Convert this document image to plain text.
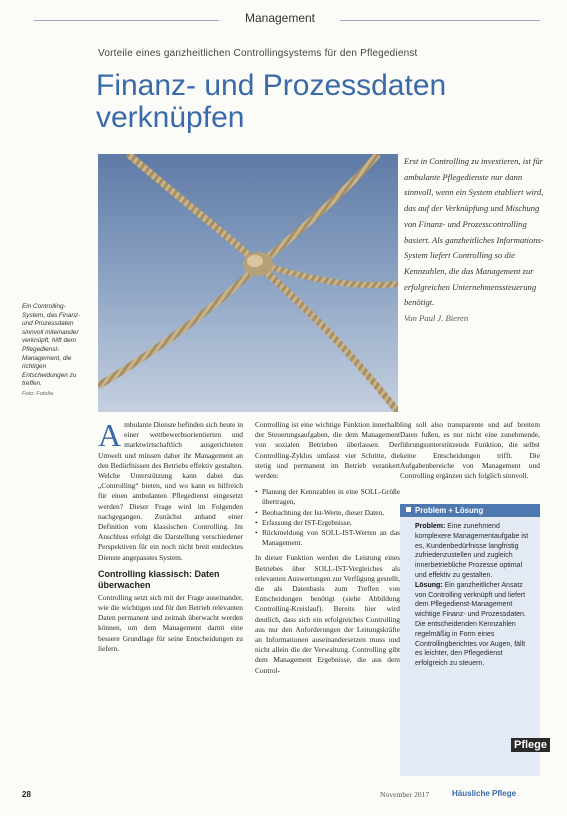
Management
Vorteile eines ganzheitlichen Controllingsystems für den Pflegedienst
Finanz- und Prozessdaten
verknüpfen
Erst in Controlling zu investieren, ist für ambulante Pflegedienste nur dann sinnvoll, wenn ein System etabliert wird, das auf der Verknüpfung und Mischung von Finanz- und Prozesscontrolling basiert. Als ganzheitliches Informations-System liefert Controlling so die Kennzahlen, die das Management zur erfolgreichen Unternehmenssteuerung benötigt.
Von Paul J. Bieren
Ein Controlling-System, das Finanz- und Prozessdaten sinnvoll miteinander verknüpft, hilft dem Pflegedienst-Management, die richtigen Entscheidungen zu treffen.
Foto: Fotolia

Ambulante Dienste befinden sich heute in einer wettbewerbsorientierten und marktwirtschaftlich ausgerichteten Umwelt und müssen daher ihr Management an den Bedürfnissen des Betriebs effektiv gestalten. Welche Unterstützung kann dabei das „Controlling“ bieten, und wo kann es hilfreich für einen ambulanten Pflegedienst eingesetzt werden? Dieser Frage wird im Folgenden nachgegangen. Zunächst anhand einer Definition vom klassischen Controlling. Im Anschluss erfolgt die Darstellung verschiedener Perspektiven für ein noch nicht breit entdecktes Dienste angepasstes System.

Controlling klassisch: Daten überwachen

Controlling setzt sich mit der Frage auseinander, wie die wichtigen und für den Betrieb relevanten Daten permanent und zeitnah überwacht werden können, um dem Management damit eine bessere Grundlage für seine Entscheidungen zu liefern.

Controlling ist eine wichtige Funktion innerhalb der Steuerungsaufgaben, die dem Management von sozialen Betrieben überlassen. Der Controlling-Zyklus umfasst vier Schritte, die stetig und permanent im Betrieb verankert werden:

• Planung der Kennzahlen in eine SOLL-Größe übertragen,
• Beobachtung der Ist-Werte, dieser Daten,
• Erfassung der IST-Ergebnisse,
• Rückmeldung von SOLL-IST-Werten an das Management.

In dieser Funktion werden die Leistung eines Betriebes über SOLL-IST-Vergleiches als relevanten Auswertungen zur Verfügung gestellt, die als Datenbasis zum Treffen von Entscheidungen benötigt (siehe Abbildung Controlling-Kreislauf). Bereits hier wird deutlich, dass sich ein erfolgreiches Controlling aus nur den Anforderungen der Leitungskräfte an Informationen auseinandersetzen muss und nicht allein die der Verwaltung. Controlling gibt dem Management Ergebnisse, die aus dem Control-

ling soll also transparente und auf breitem Daten fußen, es nur nicht eine zunehmende, führungsunterstützende Funktion, die selbst keine Entscheidungen trifft. Die Aufgabenbereiche von Management und Controlling ergänzen sich folglich sinnvoll.

Problem + Lösung

Problem: Eine zunehmend komplexere Managementaufgabe ist es, Kundenbedürfnisse langfristig zufriedenzustellen und zugleich innerbetriebliche Prozesse optimal und effektiv zu gestalten.

Lösung: Ein ganzheitlicher Ansatz von Controlling verknüpft und liefert dem Pflegedienst-Management wichtige Finanz- und Prozessdaten. Die entscheidenden Kennzahlen regelmäßig in Form eines Controllingberichtes vor Augen, fällt es leichter, den Pflegedienst erfolgreich zu steuern.

Pflege
28	November 2017	Häusliche Pflege
